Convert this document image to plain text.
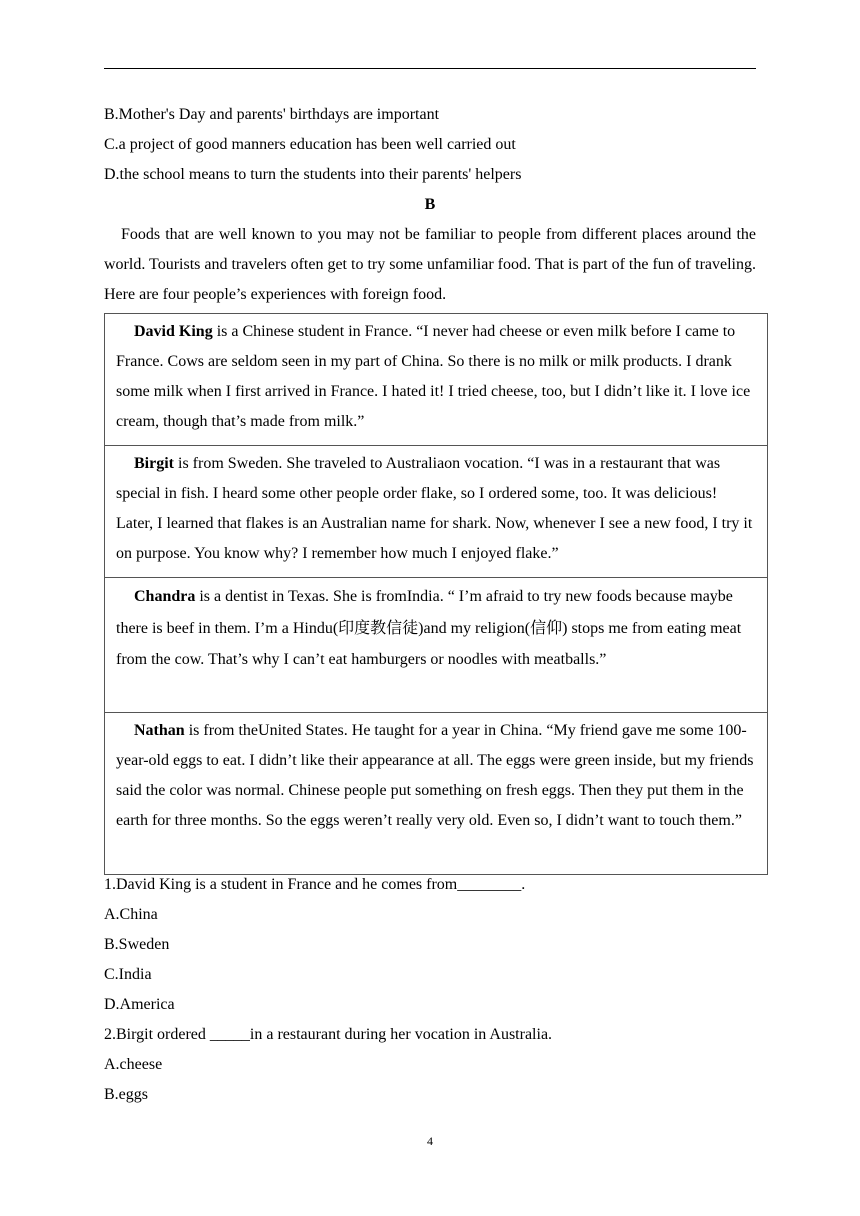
B.Mother's Day and parents' birthdays are important
C.a project of good manners education has been well carried out
D.the school means to turn the students into their parents' helpers
B

Foods that are well known to you may not be familiar to people from different places around the world. Tourists and travelers often get to try some unfamiliar food. That is part of the fun of traveling. Here are four people’s experiences with foreign food.

David King is a Chinese student in France. “I never had cheese or even milk before I came to France. Cows are seldom seen in my part of China. So there is no milk or milk products. I drank some milk when I first arrived in France. I hated it! I tried cheese, too, but I didn’t like it. I love ice cream, though that’s made from milk.”
Birgit is from Sweden. She traveled to Australiaon vocation. “I was in a restaurant that was special in fish. I heard some other people order flake, so I ordered some, too. It was delicious! Later, I learned that flakes is an Australian name for shark. Now, whenever I see a new food, I try it on purpose. You know why? I remember how much I enjoyed flake.”
Chandra is a dentist in Texas. She is fromIndia. “ I’m afraid to try new foods because maybe there is beef in them. I’m a Hindu(印度教信徒)and my religion(信仰) stops me from eating meat from the cow. That’s why I can’t eat hamburgers or noodles with meatballs.”
Nathan is from theUnited States. He taught for a year in China. “My friend gave me some 100-year-old eggs to eat. I didn’t like their appearance at all. The eggs were green inside, but my friends said the color was normal. Chinese people put something on fresh eggs. Then they put them in the earth for three months. So the eggs weren’t really very old. Even so, I didn’t want to touch them.”
1.David King is a student in France and he comes from________.
A.China
B.Sweden
C.India
D.America
2.Birgit ordered _____in a restaurant during her vocation in Australia.
A.cheese
B.eggs
4
